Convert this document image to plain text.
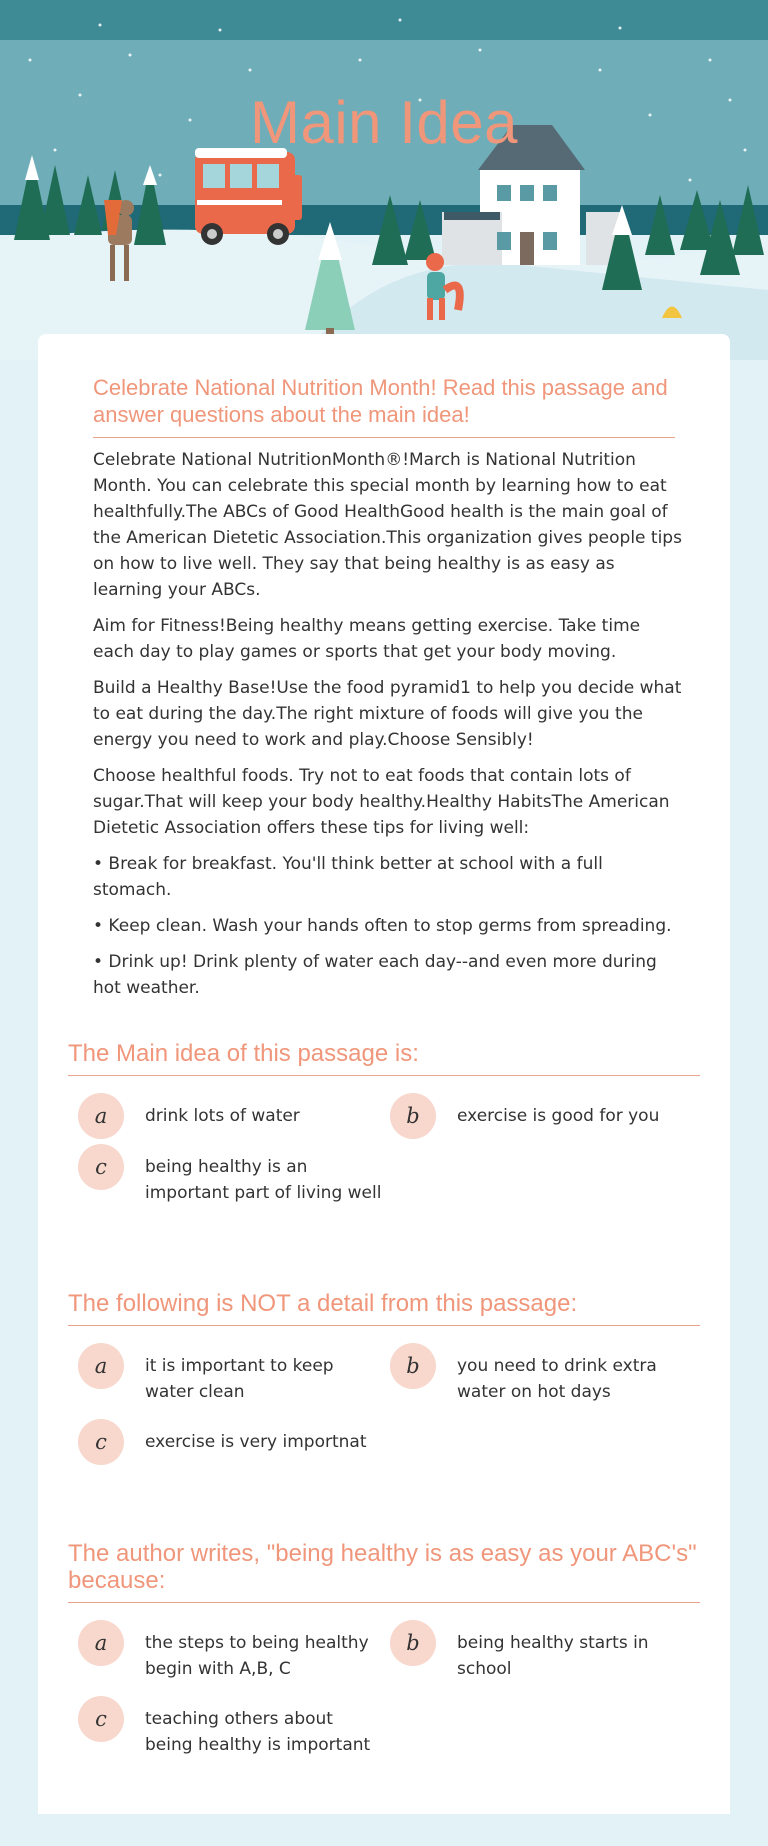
Main Idea
Celebrate National Nutrition Month! Read this passage and answer questions about the main idea!

Celebrate National NutritionMonth®!March is National Nutrition Month. You can celebrate this special month by learning how to eat healthfully.The ABCs of Good HealthGood health is the main goal of the American Dietetic Association.This organization gives people tips on how to live well. They say that being healthy is as easy as learning your ABCs.

Aim for Fitness!Being healthy means getting exercise. Take time each day to play games or sports that get your body moving.

Build a Healthy Base!Use the food pyramid1 to help you decide what to eat during the day.The right mixture of foods will give you the energy you need to work and play.Choose Sensibly!

Choose healthful foods. Try not to eat foods that contain lots of sugar.That will keep your body healthy.Healthy HabitsThe American Dietetic Association offers these tips for living well:

• Break for breakfast. You'll think better at school with a full stomach.

• Keep clean. Wash your hands often to stop germs from spreading.

• Drink up! Drink plenty of water each day--and even more during hot weather.

The Main idea of this passage is:
a	drink lots of water	b	exercise is good for you
c	being healthy is an important part of living well
The following is NOT a detail from this passage:
a	it is important to keep water clean
b	you need to drink extra water on hot days
c	exercise is very importnat
The author writes, "being healthy is as easy as your ABC's" because:
a	the steps to being healthy begin with A,B, C
b	being healthy starts in school
c	teaching others about being healthy is important
